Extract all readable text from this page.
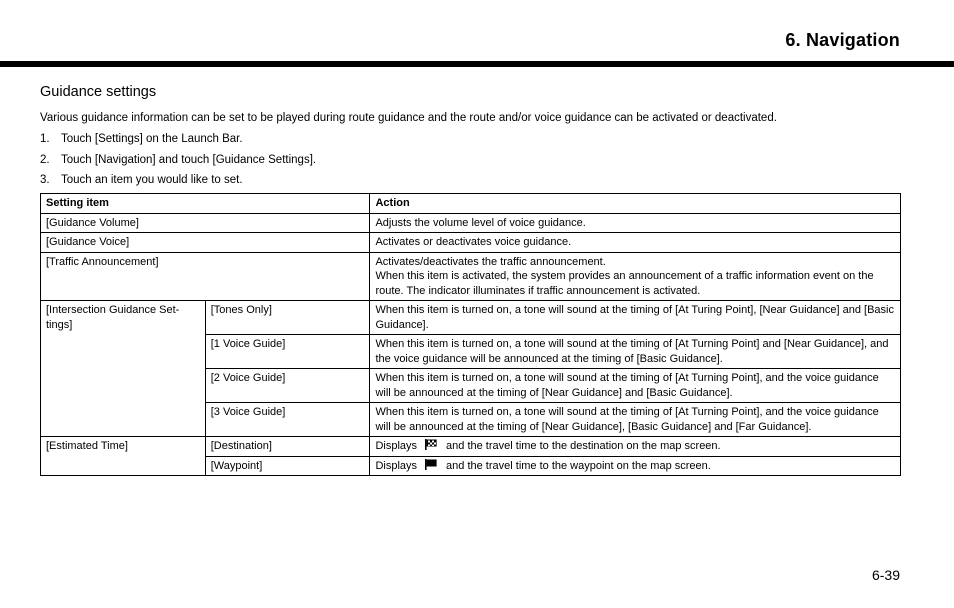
6. Navigation
Guidance settings
Various guidance information can be set to be played during route guidance and the route and/or voice guidance can be activated or deactivated.
1. Touch [Settings] on the Launch Bar.
2. Touch [Navigation] and touch [Guidance Settings].
3. Touch an item you would like to set.
Setting item		Action
[Guidance Volume]		Adjusts the volume level of voice guidance.
[Guidance Voice]		Activates or deactivates voice guidance.
[Traffic Announcement]		Activates/deactivates the traffic announcement.
When this item is activated, the system provides an announcement of a traffic information event on the route. The indicator illuminates if traffic announcement is activated.

[Intersection Guidance Set-tings]	[Tones Only]	When this item is turned on, a tone will sound at the timing of [At Turing Point], [Near Guidance] and [Basic Guidance].
	[1 Voice Guide]	When this item is turned on, a tone will sound at the timing of [At Turning Point] and [Near Guidance], and the voice guidance will be announced at the timing of [Basic Guidance].
	[2 Voice Guide]	When this item is turned on, a tone will sound at the timing of [At Turning Point], and the voice guidance will be announced at the timing of [Near Guidance] and [Basic Guidance].
	[3 Voice Guide]	When this item is turned on, a tone will sound at the timing of [At Turning Point], and the voice guidance will be announced at the timing of [Near Guidance], [Basic Guidance] and [Far Guidance].
[Estimated Time]	[Destination]	Displays and the travel time to the destination on the map screen.
	[Waypoint]	Displays and the travel time to the waypoint on the map screen.
6-39
